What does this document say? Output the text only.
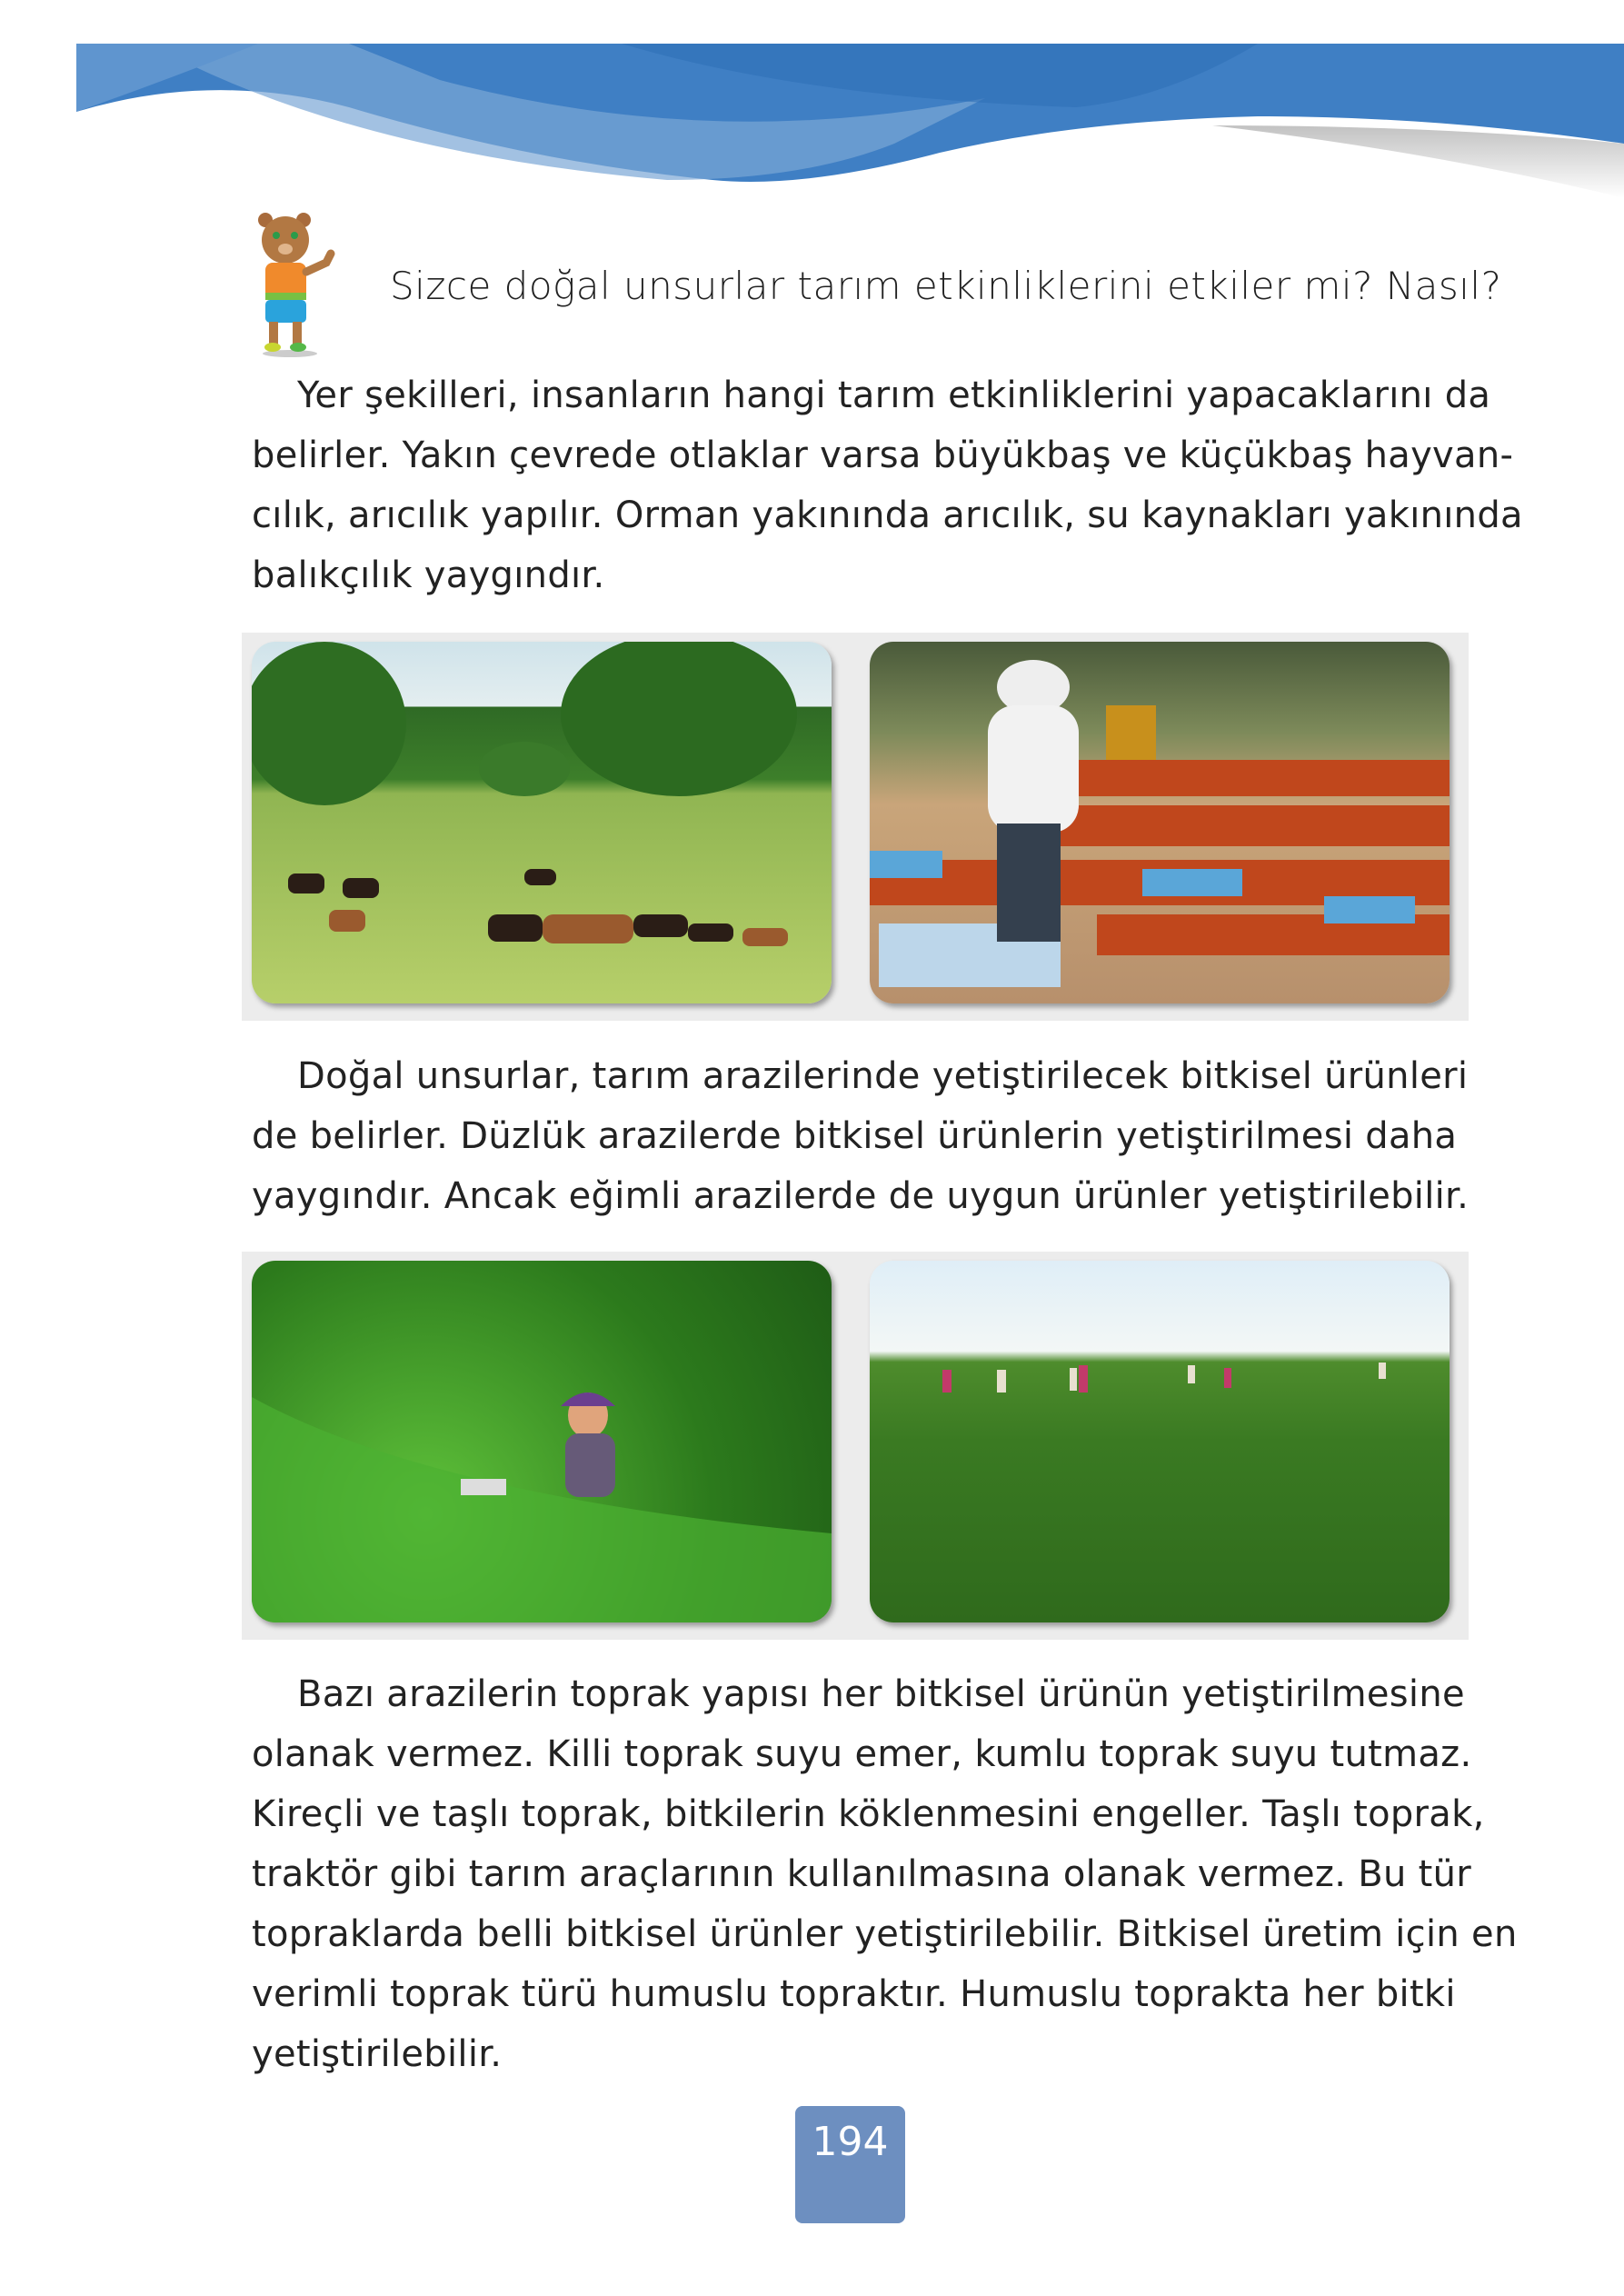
Sizce doğal unsurlar tarım etkinliklerini etkiler mi? Nasıl?
Yer şekilleri, insanların hangi tarım etkinliklerini yapacaklarını da
belirler. Yakın çevrede otlaklar varsa büyükbaş ve küçükbaş hayvan-
cılık, arıcılık yapılır. Orman yakınında arıcılık, su kaynakları yakınında
balıkçılık yaygındır.
Doğal unsurlar, tarım arazilerinde yetiştirilecek bitkisel ürünleri
de belirler. Düzlük arazilerde bitkisel ürünlerin yetiştirilmesi daha
yaygındır. Ancak eğimli arazilerde de uygun ürünler yetiştirilebilir.
Bazı arazilerin toprak yapısı her bitkisel ürünün yetiştirilmesine
olanak vermez. Killi toprak suyu emer, kumlu toprak suyu tutmaz.
Kireçli ve taşlı toprak, bitkilerin köklenmesini engeller. Taşlı toprak,
traktör gibi tarım araçlarının kullanılmasına olanak vermez. Bu tür
topraklarda belli bitkisel ürünler yetiştirilebilir. Bitkisel üretim için en
verimli toprak türü humuslu topraktır. Humuslu toprakta her bitki
yetiştirilebilir.
194
